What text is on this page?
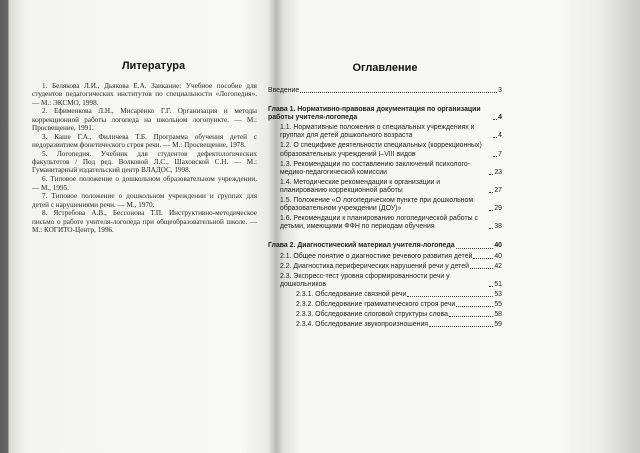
Литература

1. Белякова Л.И., Дьякова Е.А. Заикание: Учебное пособие для студентов педагогических институтов по специальности «Логопедия». — М.: ЭКСМО, 1998.

2. Ефименкова Л.Н., Мисаренко Г.Г. Организация и методы коррекционной работы логопеда на школьном логопункте. — М.: Просвещение, 1991.

3. Каше Г.А., Филичева Т.Б. Программа обучения детей с недоразвитием фонетического строя речи. — М.: Просвещение, 1978.

5. Логопедия. Учебник для студентов дефектологических факультетов / Под ред. Волковой Л.С., Шаховской С.Н. — М.: Гуманитарный издательский центр ВЛАДОС, 1998.

6. Типовое положение о дошкольном образовательном учреждении. — М., 1995.

7. Типовое положение о дошкольном учреждении и группах для детей с нарушениями речи. — М., 1970.

8. Ястребова А.В., Бессонова Т.П. Инструктивно-методическое письмо о работе учителя-логопеда при общеобразовательной школе. — М.: КОГИТО-Центр, 1996.

Оглавление
Введение	3
Глава 1. Нормативно-правовая документация по организации работы учителя-логопеда	4
1.1. Нормативные положения о специальных учреждениях и группах для детей дошкольного возраста	4
1.2. О специфике деятельности специальных (коррекционных) образовательных учреждений I–VIII видов	7
1.3. Рекомендации по составлению заключений психолого-медико-педагогической комиссии	23
1.4. Методические рекомендации к организации и планированию коррекционной работы	27
1.5. Положение «О логопедическом пункте при дошкольном образовательном учреждении (ДОУ)»	29
1.6. Рекомендации к планированию логопедической работы с детьми, имеющими ФФН по периодам обучения	38
Глава 2. Диагностический материал учителя-логопеда	40
2.1. Общее понятие о диагностике речевого развития детей	40
2.2. Диагностика периферических нарушений речи у детей	42
2.3. Экспресс-тест уровня сформированности речи у дошкольников	51
2.3.1. Обследование связной речи	53
2.3.2. Обследование грамматического строя речи	55
2.3.3. Обследование слоговой структуры слова	58
2.3.4. Обследование звукопроизношения	59
